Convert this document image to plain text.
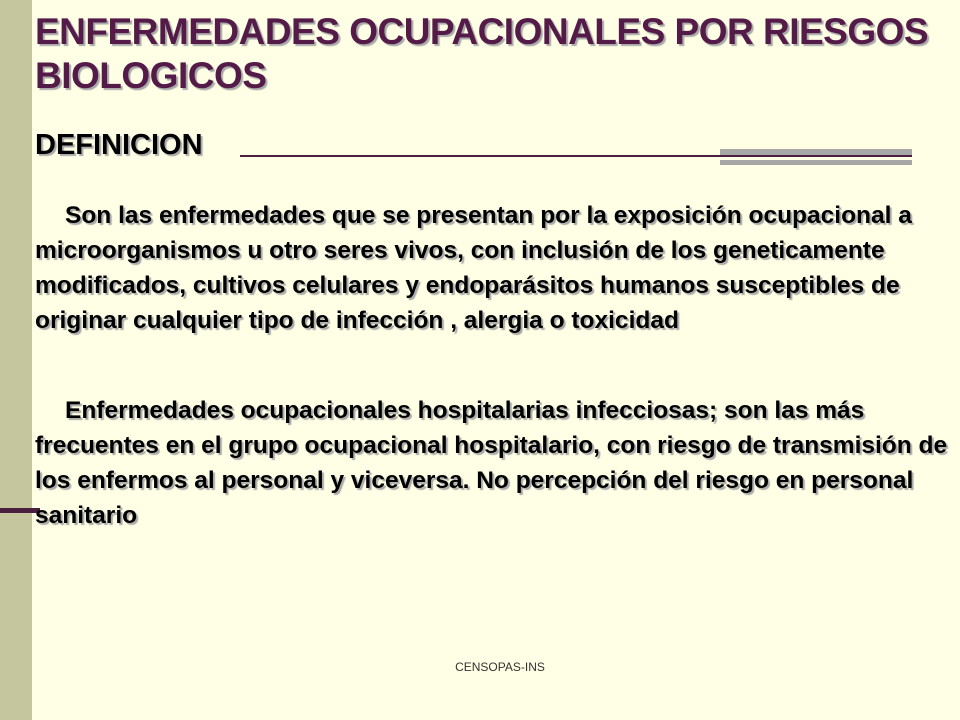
ENFERMEDADES OCUPACIONALES POR RIESGOS BIOLOGICOS
DEFINICION

Son las enfermedades que se presentan por la exposición ocupacional a microorganismos u otro seres vivos, con inclusión de los geneticamente modificados, cultivos celulares y endoparásitos humanos susceptibles de originar cualquier tipo de infección , alergia o toxicidad

Enfermedades ocupacionales hospitalarias infecciosas; son las más frecuentes en el grupo ocupacional hospitalario, con riesgo de transmisión de los enfermos al personal y viceversa. No percepción del riesgo en personal sanitario

CENSOPAS-INS
